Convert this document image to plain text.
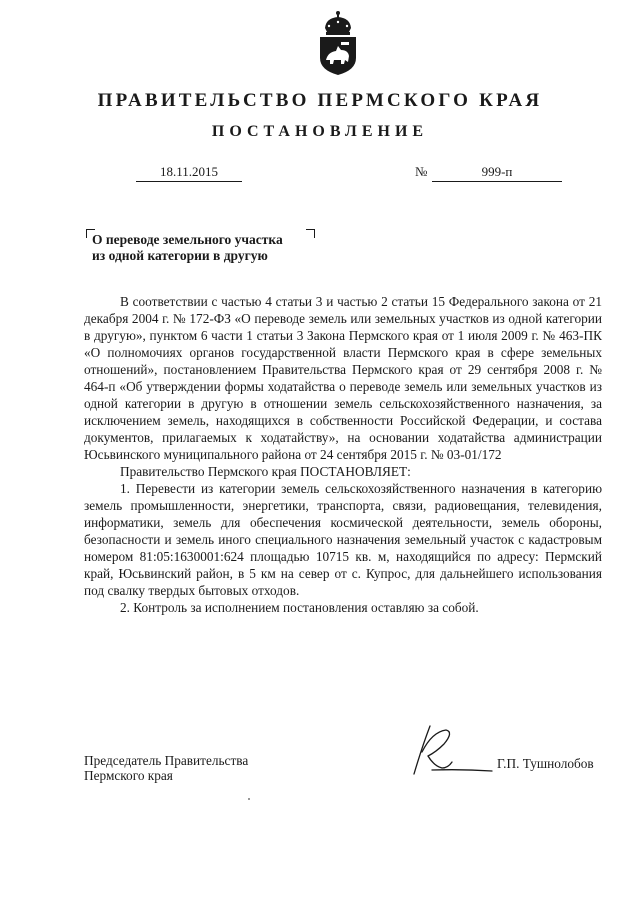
ПРАВИТЕЛЬСТВО ПЕРМСКОГО КРАЯ
ПОСТАНОВЛЕНИЕ
18.11.2015	№	999-п
О переводе земельного участка
из одной категории в другую

В соответствии с частью 4 статьи 3 и частью 2 статьи 15 Федерального закона от 21 декабря 2004 г. № 172-ФЗ «О переводе земель или земельных участков из одной категории в другую», пунктом 6 части 1 статьи 3 Закона Пермского края от 1 июля 2009 г. № 463-ПК «О полномочиях органов государственной власти Пермского края в сфере земельных отношений», постановлением Правительства Пермского края от 29 сентября 2008 г. № 464-п «Об утверждении формы ходатайства о переводе земель или земельных участков из одной категории в другую в отношении земель сельскохозяйственного назначения, за исключением земель, находящихся в собственности Российской Федерации, и состава документов, прилагаемых к ходатайству», на основании ходатайства администрации Юсьвинского муниципального района от 24 сентября 2015 г. № 03-01/172

Правительство Пермского края ПОСТАНОВЛЯЕТ:

1. Перевести из категории земель сельскохозяйственного назначения в категорию земель промышленности, энергетики, транспорта, связи, радиовещания, телевидения, информатики, земель для обеспечения космической деятельности, земель обороны, безопасности и земель иного специального назначения земельный участок с кадастровым номером 81:05:1630001:624 площадью 10715 кв. м, находящийся по адресу: Пермский край, Юсьвинский район, в 5 км на север от с. Купрос, для дальнейшего использования под свалку твердых бытовых отходов.

2. Контроль за исполнением постановления оставляю за собой.

Председатель Правительства
Пермского края
Г.П. Тушнолобов
